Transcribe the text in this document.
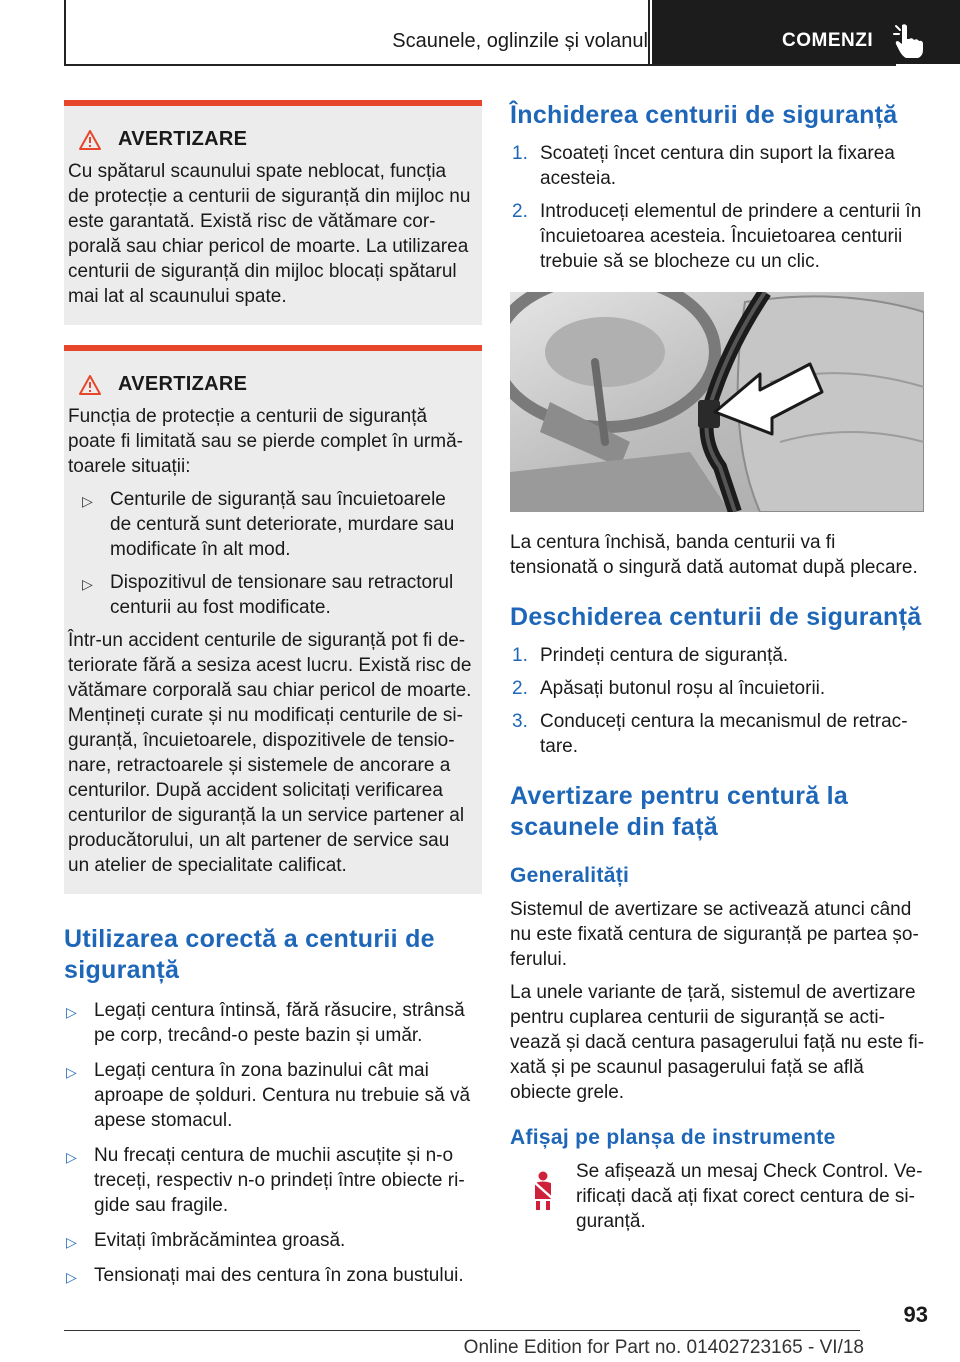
Scaunele, oglinzile și volanul	COMENZI
AVERTIZARE

Cu spătarul scaunului spate neblocat, funcția de protecție a centurii de siguranță din mijloc nu este garantată. Există risc de vătămare corporală sau chiar pericol de moarte. La utilizarea centurii de siguranță din mijloc blocați spătarul mai lat al scaunului spate.

AVERTIZARE

Funcția de protecție a centurii de siguranță poate fi limitată sau se pierde complet în următoarele situații:

▷ Centurile de siguranță sau încuietoarele de centură sunt deteriorate, murdare sau modificate în alt mod.
▷ Dispozitivul de tensionare sau retractorul centurii au fost modificate.

Într-un accident centurile de siguranță pot fi deteriorate fără a sesiza acest lucru. Există risc de vătămare corporală sau chiar pericol de moarte. Mențineți curate și nu modificați centurile de siguranță, încuietoarele, dispozitivele de tensionare, retractoarele și sistemele de ancorare a centurilor. După accident solicitați verificarea centurilor de siguranță la un service partener al producătorului, un alt partener de service sau un atelier de specialitate calificat.

Utilizarea corectă a centurii de siguranță
▷ Legați centura întinsă, fără răsucire, strânsă pe corp, trecând-o peste bazin și umăr.
▷ Legați centura în zona bazinului cât mai aproape de șolduri. Centura nu trebuie să vă apese stomacul.
▷ Nu frecați centura de muchii ascuțite și n-o treceți, respectiv n-o prindeți între obiecte rigide sau fragile.
▷ Evitați îmbrăcămintea groasă.
▷ Tensionați mai des centura în zona bustului.
Închiderea centurii de siguranță
1. Scoateți încet centura din suport la fixarea acesteia.
2. Introduceți elementul de prindere a centurii în încuietoarea acesteia. Încuietoarea centurii trebuie să se blocheze cu un clic.

La centura închisă, banda centurii va fi tensionată o singură dată automat după plecare.

Deschiderea centurii de siguranță
1. Prindeți centura de siguranță.
2. Apăsați butonul roșu al încuietorii.
3. Conduceți centura la mecanismul de retractare.
Avertizare pentru centură la scaunele din față
Generalități

Sistemul de avertizare se activează atunci când nu este fixată centura de siguranță pe partea șoferului.

La unele variante de țară, sistemul de avertizare pentru cuplarea centurii de siguranță se activează și dacă centura pasagerului față nu este fixată și pe scaunul pasagerului față se află obiecte grele.

Afișaj pe planșa de instrumente

Se afișează un mesaj Check Control. Verificați dacă ați fixat corect centura de siguranță.

93
Online Edition for Part no. 01402723165 - VI/18
